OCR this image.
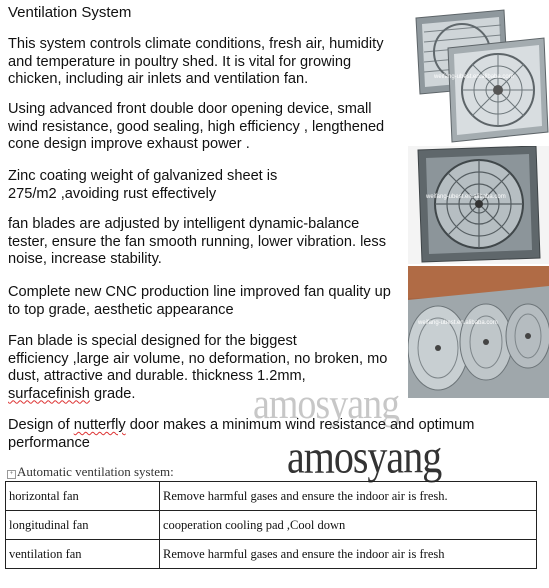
Ventilation System
This system controls climate conditions, fresh air, humidity
and temperature in poultry shed. It is vital for growing
chicken, including air inlets and ventilation fan.
Using advanced front double door opening device, small
wind resistance, good sealing, high efficiency , lengthened
cone design improve exhaust power .
Zinc coating weight of galvanized sheet is
275/m2 ,avoiding rust effectively
fan blades are adjusted by intelligent dynamic-balance
tester, ensure the fan smooth running, lower vibration. less
noise, increase stability.
Complete new CNC production line improved fan quality up
to top grade, aesthetic appearance
Fan blade is special designed for the biggest
efficiency ,large air volume, no deformation, no broken, mo
dust, attractive and durable. thickness 1.2mm,
surfacefinish grade.
Design of nutterfly door makes a minimum wind resistance and optimum
performance
weifang-ubest.en.alibaba.com
weifang-ubest.en.alibaba.com
weifang-ubest.en.alibaba.com
amosyang
amosyang
+ Automatic ventilation system:
horizontal fan	Remove harmful gases and ensure the indoor air is fresh.
longitudinal fan	cooperation cooling pad ,Cool down
ventilation fan	Remove harmful gases and ensure the indoor air is fresh
